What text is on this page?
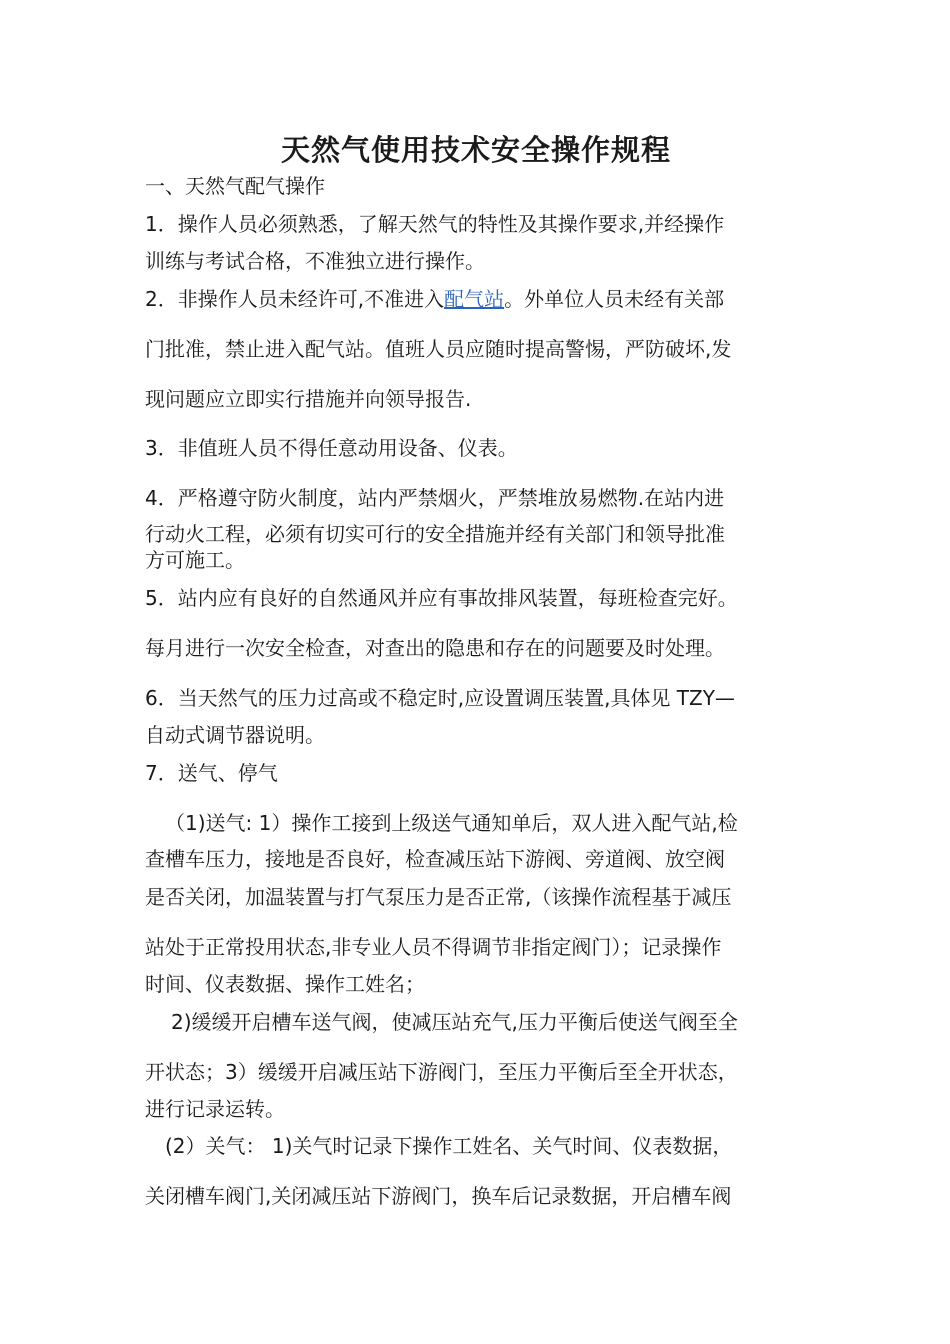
天然气使用技术安全操作规程
一、天然气配气操作
1．操作人员必须熟悉，了解天然气的特性及其操作要求,并经操作
训练与考试合格，不准独立进行操作。
2．非操作人员未经许可,不准进入配气站。外单位人员未经有关部
门批准，禁止进入配气站。值班人员应随时提高警惕，严防破坏,发
现问题应立即实行措施并向领导报告.
3．非值班人员不得任意动用设备、仪表。
4．严格遵守防火制度，站内严禁烟火，严禁堆放易燃物.在站内进
行动火工程，必须有切实可行的安全措施并经有关部门和领导批准
方可施工。
5．站内应有良好的自然通风并应有事故排风装置，每班检查完好。
每月进行一次安全检查，对查出的隐患和存在的问题要及时处理。
6．当天然气的压力过高或不稳定时,应设置调压装置,具体见 TZY—
自动式调节器说明。
7．送气、停气
（1)送气: 1）操作工接到上级送气通知单后，双人进入配气站,检
查槽车压力，接地是否良好，检查减压站下游阀、旁道阀、放空阀
是否关闭，加温装置与打气泵压力是否正常,（该操作流程基于减压
站处于正常投用状态,非专业人员不得调节非指定阀门）；记录操作
时间、仪表数据、操作工姓名；
2)缓缓开启槽车送气阀，使减压站充气,压力平衡后使送气阀至全
开状态；3）缓缓开启减压站下游阀门，至压力平衡后至全开状态，
进行记录运转。
(2）关气： 1)关气时记录下操作工姓名、关气时间、仪表数据，
关闭槽车阀门,关闭减压站下游阀门，换车后记录数据，开启槽车阀
